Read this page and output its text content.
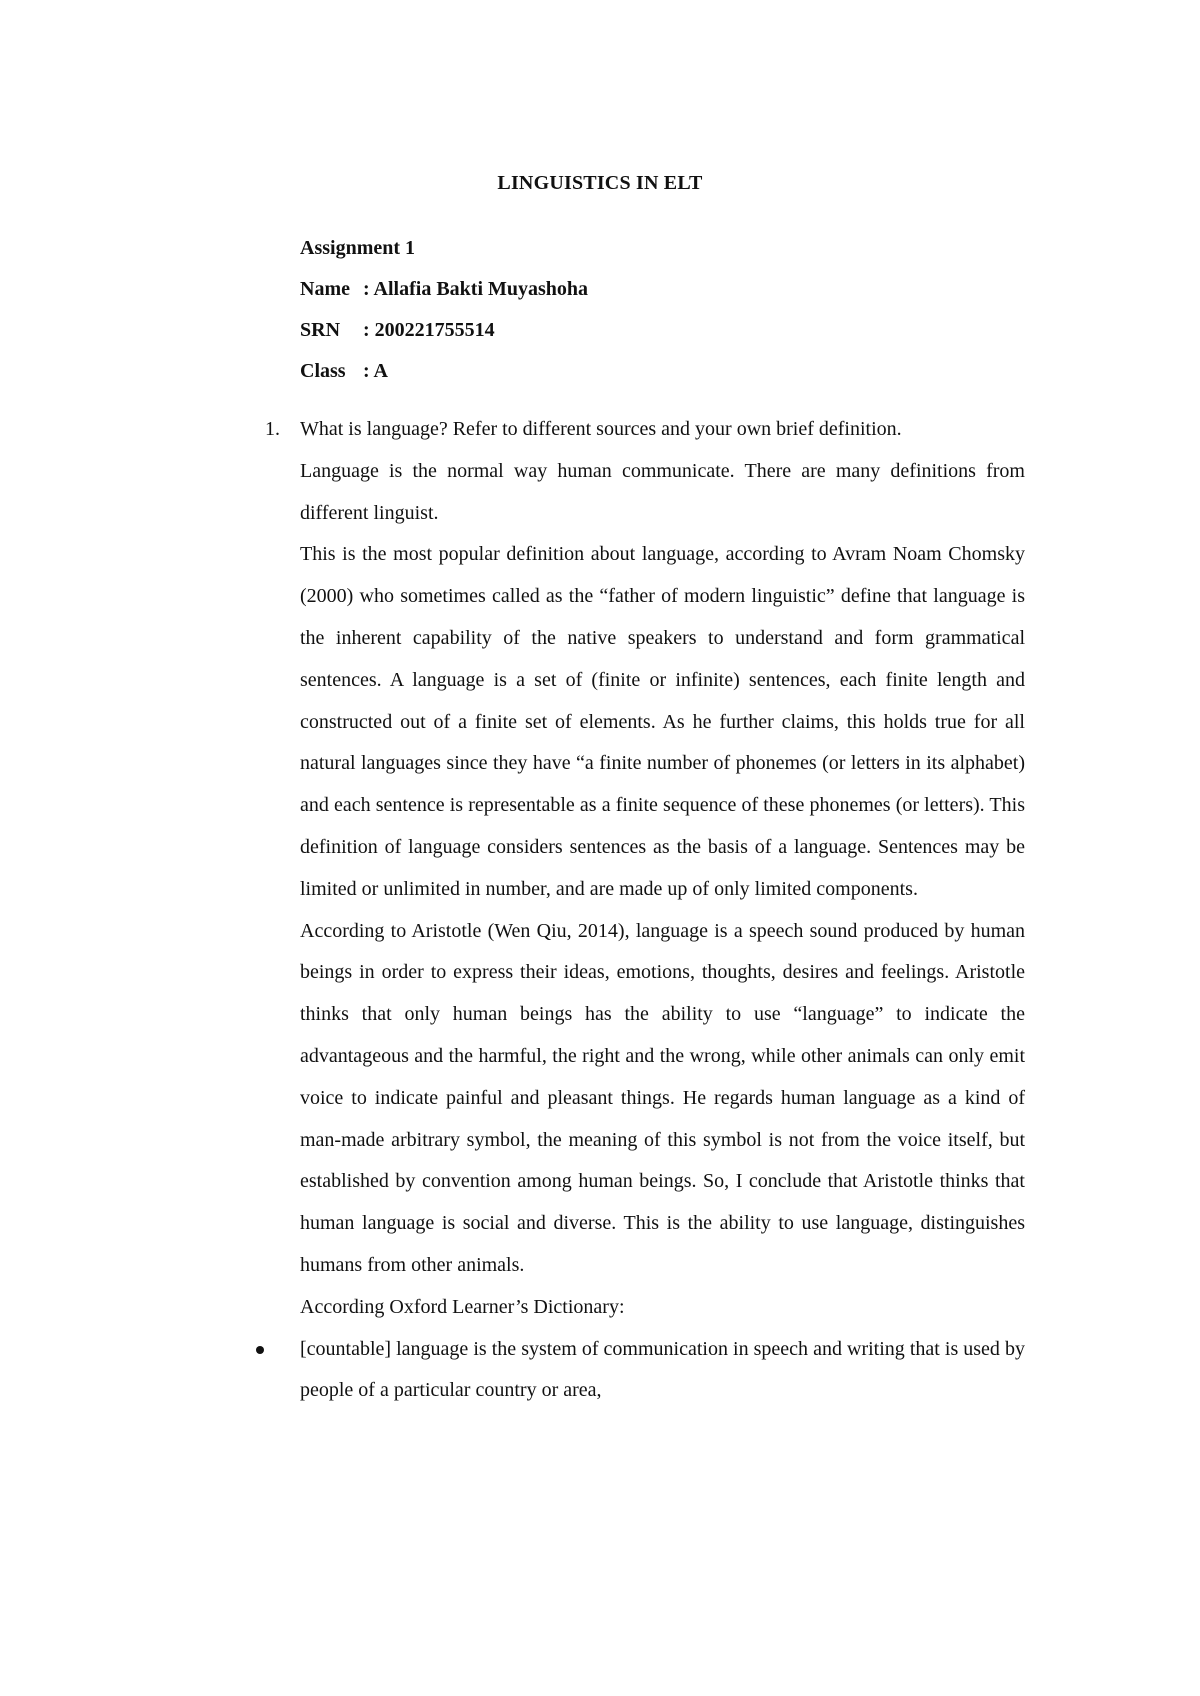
LINGUISTICS IN ELT
Assignment 1
Name : Allafia Bakti Muyashoha
SRN : 200221755514
Class : A
1. What is language? Refer to different sources and your own brief definition.

Language is the normal way human communicate. There are many definitions from different linguist.

This is the most popular definition about language, according to Avram Noam Chomsky (2000) who sometimes called as the “father of modern linguistic” define that language is the inherent capability of the native speakers to understand and form grammatical sentences. A language is a set of (finite or infinite) sentences, each finite length and constructed out of a finite set of elements. As he further claims, this holds true for all natural languages since they have “a finite number of phonemes (or letters in its alphabet) and each sentence is representable as a finite sequence of these phonemes (or letters). This definition of language considers sentences as the basis of a language. Sentences may be limited or unlimited in number, and are made up of only limited components.

According to Aristotle (Wen Qiu, 2014), language is a speech sound produced by human beings in order to express their ideas, emotions, thoughts, desires and feelings. Aristotle thinks that only human beings has the ability to use “language” to indicate the advantageous and the harmful, the right and the wrong, while other animals can only emit voice to indicate painful and pleasant things. He regards human language as a kind of man-made arbitrary symbol, the meaning of this symbol is not from the voice itself, but established by convention among human beings. So, I conclude that Aristotle thinks that human language is social and diverse. This is the ability to use language, distinguishes humans from other animals.

According Oxford Learner’s Dictionary:

[countable] language is the system of communication in speech and writing that is used by people of a particular country or area,
